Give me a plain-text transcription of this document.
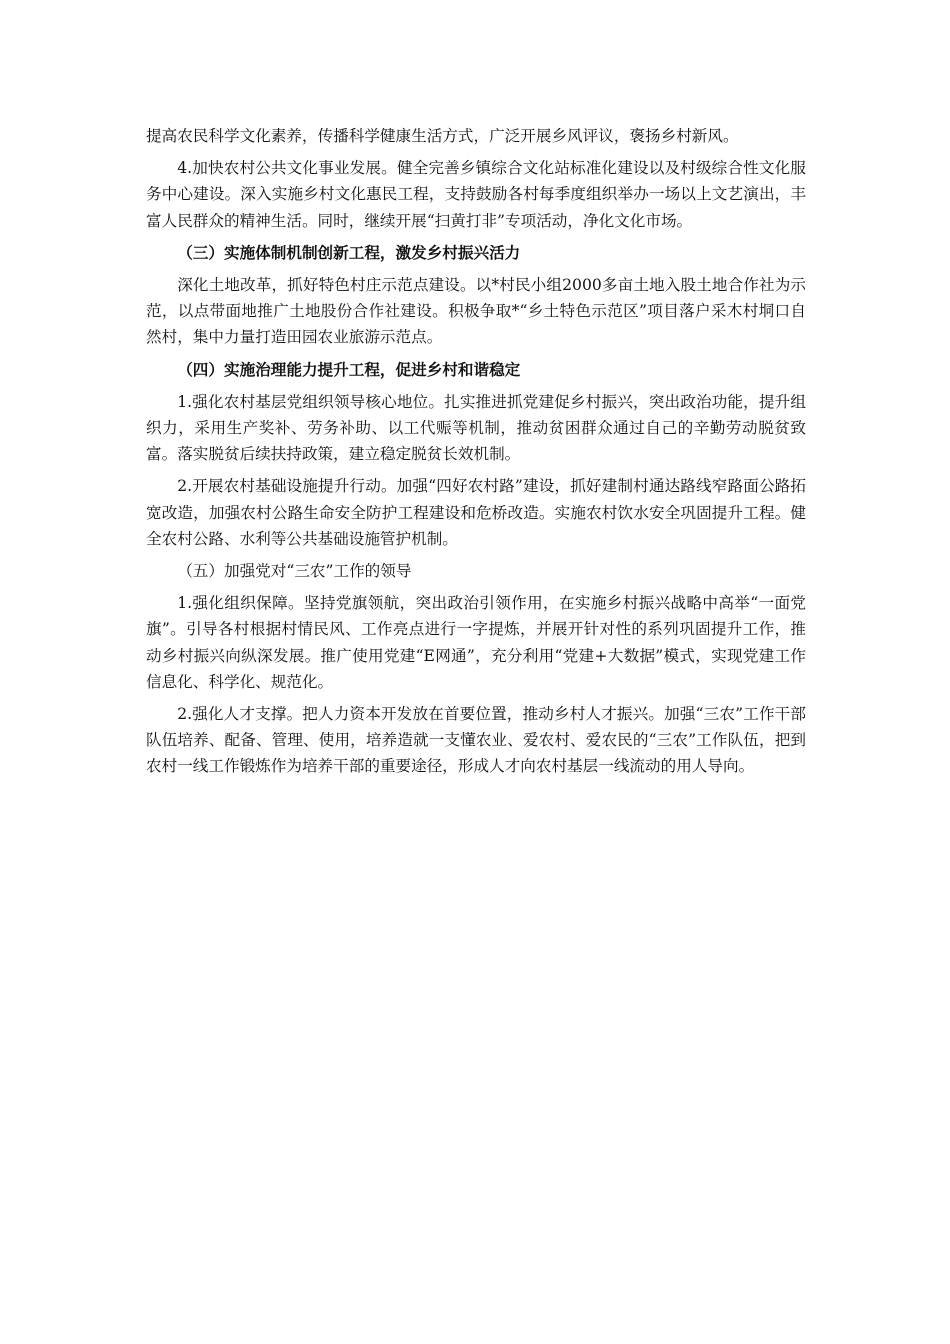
提高农民科学文化素养，传播科学健康生活方式，广泛开展乡风评议，褒扬乡村新风。

4.加快农村公共文化事业发展。健全完善乡镇综合文化站标准化建设以及村级综合性文化服务中心建设。深入实施乡村文化惠民工程，支持鼓励各村每季度组织举办一场以上文艺演出，丰富人民群众的精神生活。同时，继续开展“扫黄打非”专项活动，净化文化市场。

（三）实施体制机制创新工程，激发乡村振兴活力

深化土地改革，抓好特色村庄示范点建设。以*村民小组2000多亩土地入股土地合作社为示范，以点带面地推广土地股份合作社建设。积极争取*“乡土特色示范区”项目落户采木村垌口自然村，集中力量打造田园农业旅游示范点。

（四）实施治理能力提升工程，促进乡村和谐稳定

1.强化农村基层党组织领导核心地位。扎实推进抓党建促乡村振兴，突出政治功能，提升组织力，采用生产奖补、劳务补助、以工代赈等机制，推动贫困群众通过自己的辛勤劳动脱贫致富。落实脱贫后续扶持政策，建立稳定脱贫长效机制。

2.开展农村基础设施提升行动。加强“四好农村路”建设，抓好建制村通达路线窄路面公路拓宽改造，加强农村公路生命安全防护工程建设和危桥改造。实施农村饮水安全巩固提升工程。健全农村公路、水利等公共基础设施管护机制。

（五）加强党对“三农”工作的领导

1.强化组织保障。坚持党旗领航，突出政治引领作用，在实施乡村振兴战略中高举“一面党旗”。引导各村根据村情民风、工作亮点进行一字提炼，并展开针对性的系列巩固提升工作，推动乡村振兴向纵深发展。推广使用党建“E网通”，充分利用“党建+大数据”模式，实现党建工作信息化、科学化、规范化。

2.强化人才支撑。把人力资本开发放在首要位置，推动乡村人才振兴。加强“三农”工作干部队伍培养、配备、管理、使用，培养造就一支懂农业、爱农村、爱农民的“三农”工作队伍，把到农村一线工作锻炼作为培养干部的重要途径，形成人才向农村基层一线流动的用人导向。
